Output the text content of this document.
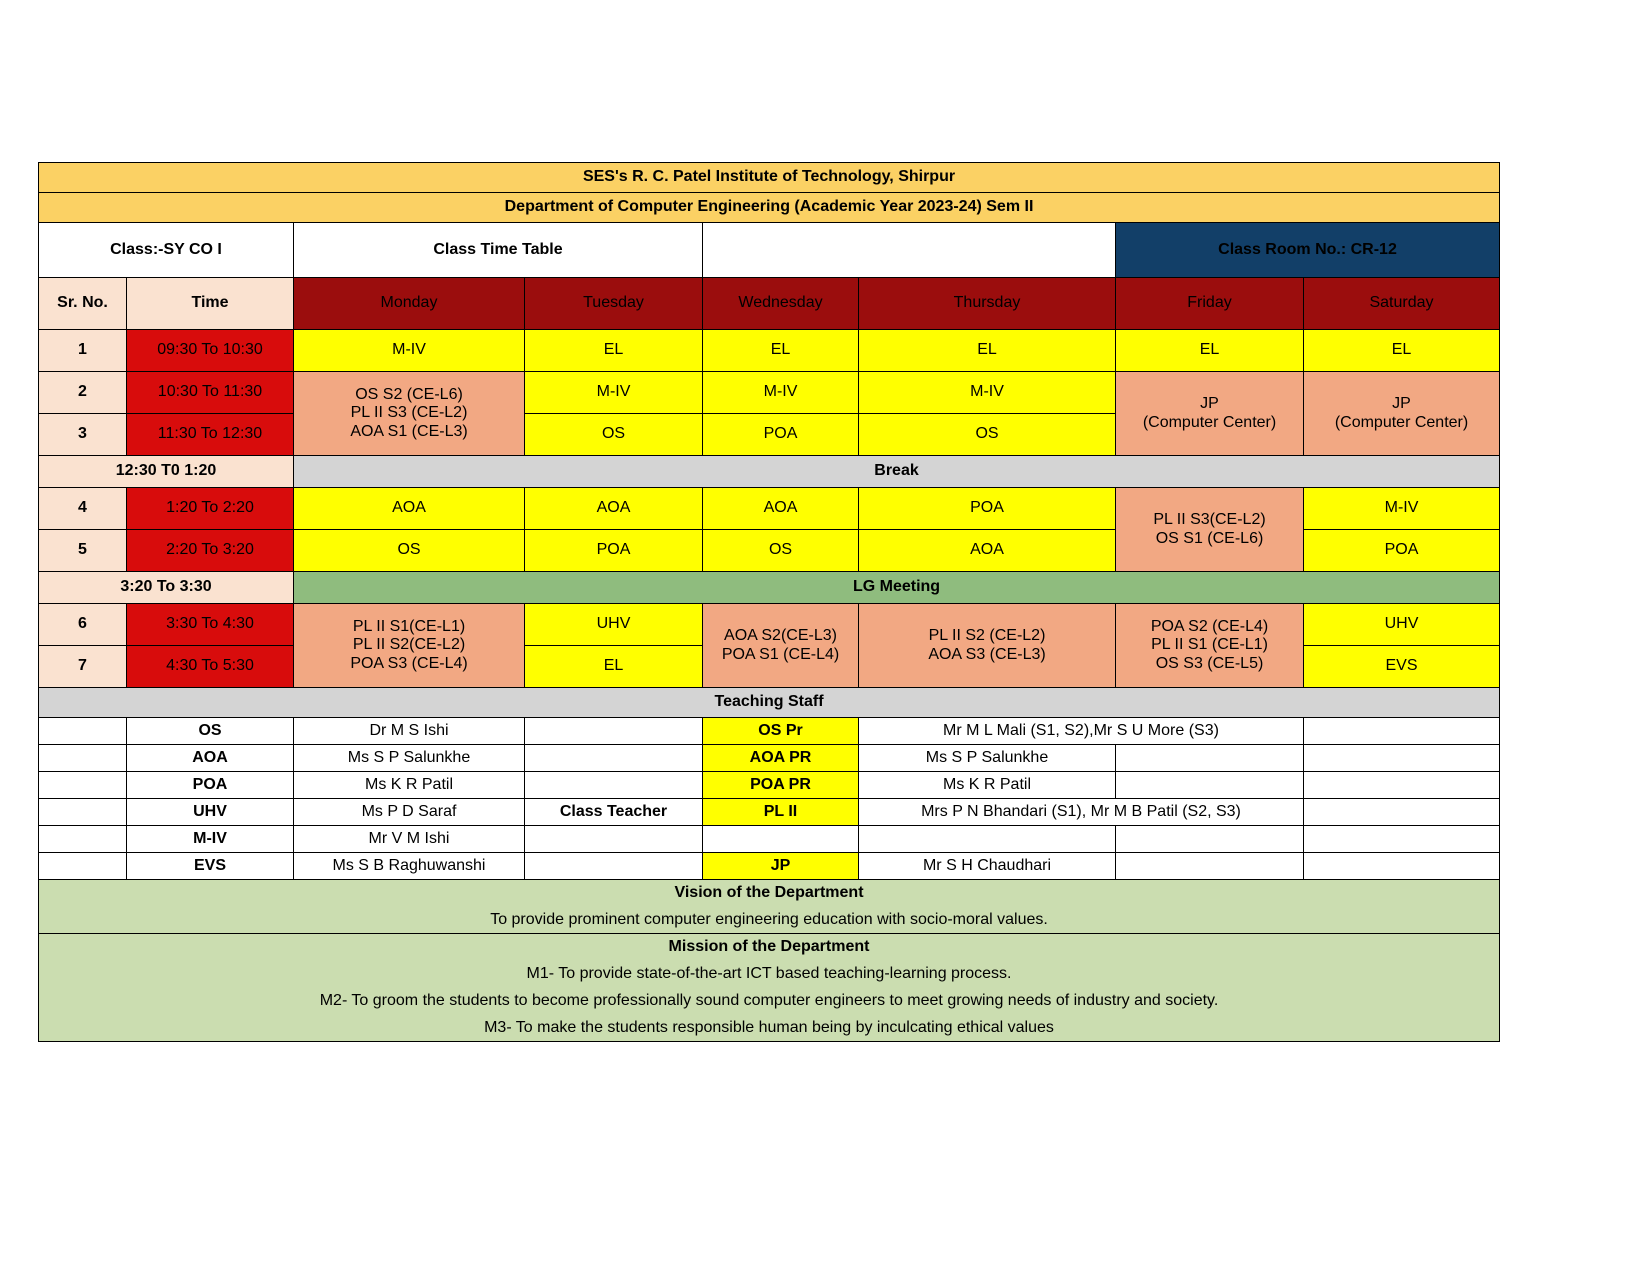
SES's R. C. Patel Institute of Technology, Shirpur							
Department of Computer Engineering (Academic Year 2023-24) Sem II							
Class:-SY CO I		Class Time Table				Class Room No.: CR-12	
Sr. No.	Time	Monday	Tuesday	Wednesday	Thursday	Friday	Saturday
1	09:30 To 10:30	M-IV	EL	EL	EL	EL	EL
2	10:30 To 11:30	OS S2 (CE-L6)
PL II S3 (CE-L2)
AOA S1 (CE-L3)	M-IV	M-IV	M-IV	JP
(Computer Center)	JP
(Computer Center)
3	11:30 To 12:30		OS	POA	OS		
12:30 T0 1:20		Break					
4	1:20 To 2:20	AOA	AOA	AOA	POA	PL II S3(CE-L2)
OS S1 (CE-L6)	M-IV
5	2:20 To 3:20	OS	POA	OS	AOA		POA
3:20 To 3:30		LG Meeting					
6	3:30 To 4:30	PL II S1(CE-L1)
PL II S2(CE-L2)
POA S3 (CE-L4)	UHV	AOA S2(CE-L3)
POA S1 (CE-L4)	PL II S2 (CE-L2)
AOA S3 (CE-L3)	POA S2 (CE-L4)
PL II S1 (CE-L1)
OS S3 (CE-L5)	UHV
7	4:30 To 5:30		EL				EVS
Teaching Staff							
	OS	Dr M S Ishi		OS Pr	Mr M L Mali (S1, S2),Mr S U More (S3)		
	AOA	Ms S P Salunkhe		AOA PR	Ms S P Salunkhe		
	POA	Ms K R Patil		POA PR	Ms K R Patil		
	UHV	Ms P D Saraf	Class Teacher	PL II	Mrs P N Bhandari (S1), Mr M B Patil (S2, S3)		
	M-IV	Mr V M Ishi					
	EVS	Ms S B Raghuwanshi		JP	Mr S H Chaudhari		
Vision of the Department							
To provide prominent computer engineering education with socio-moral values.							
Mission of the Department							
M1- To provide state-of-the-art ICT based teaching-learning process.							
M2- To groom the students to become professionally sound computer engineers to meet growing needs of industry and society.							
M3- To make the students responsible human being by inculcating ethical values							
